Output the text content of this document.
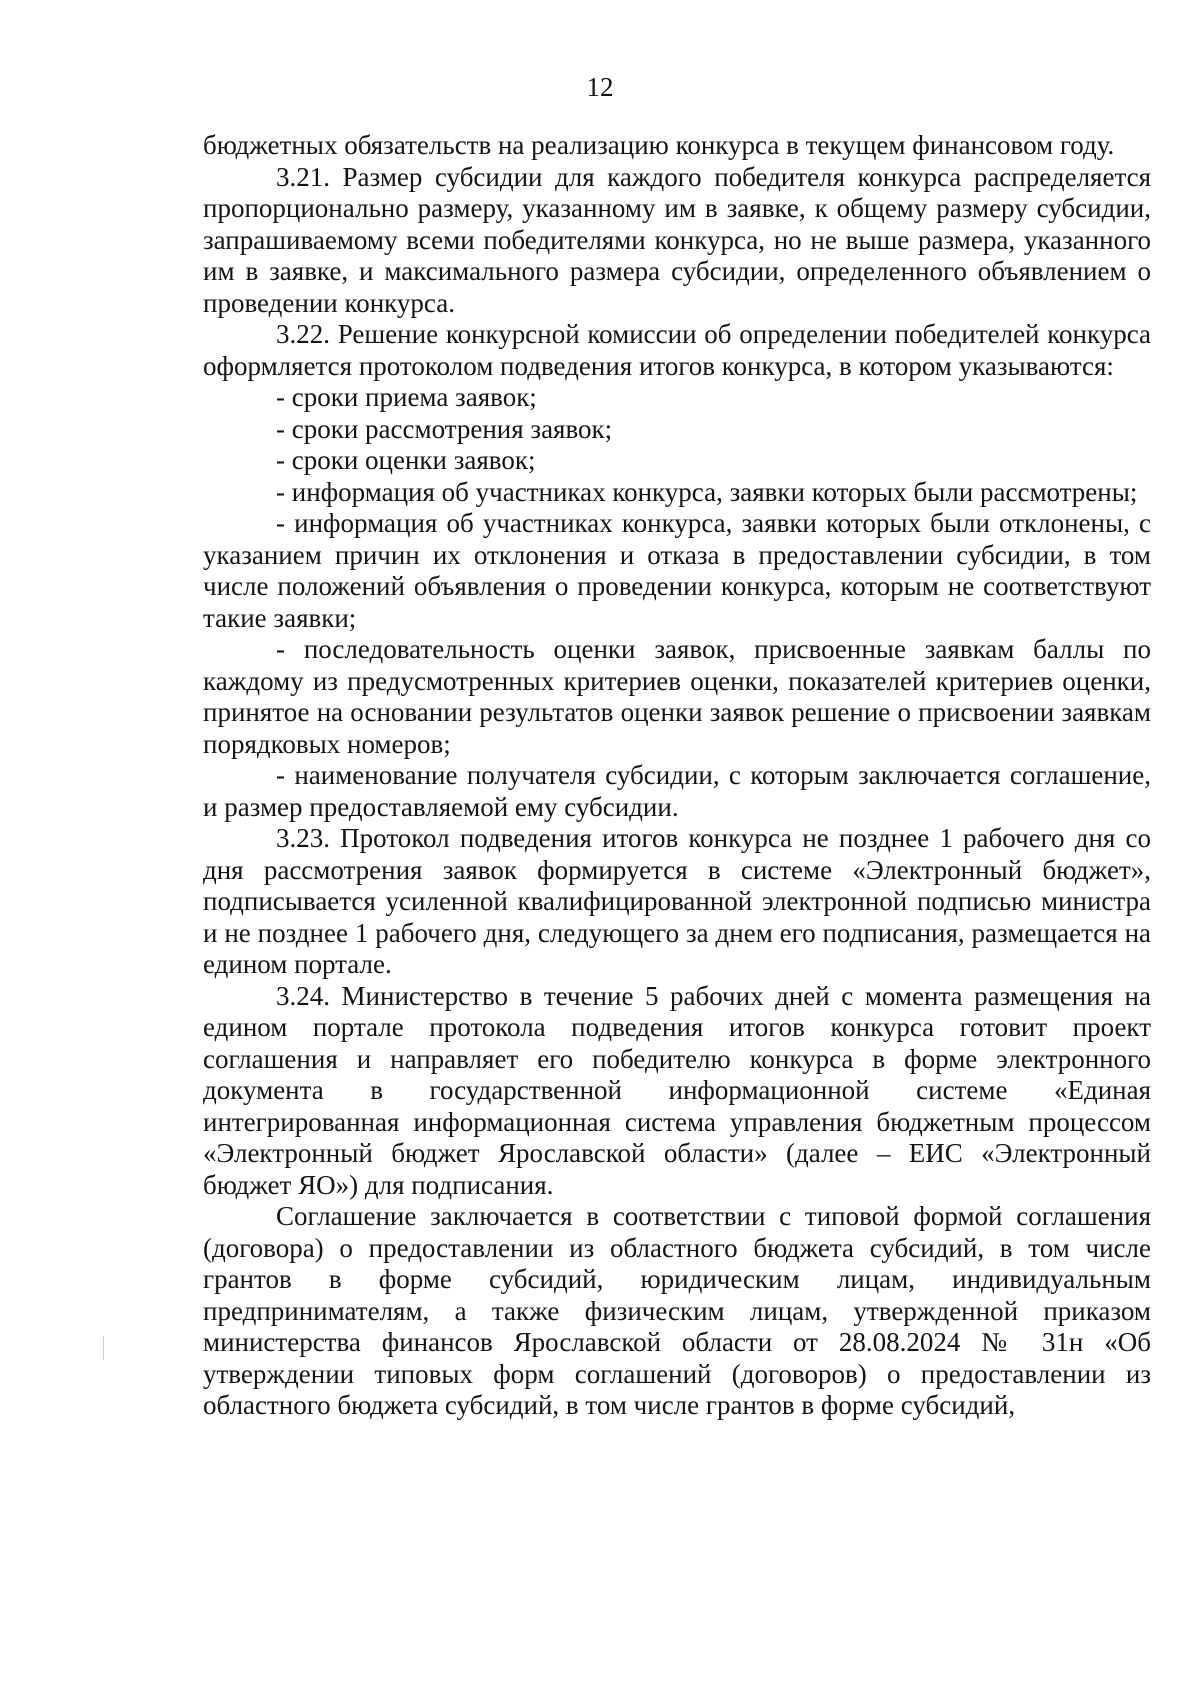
12

бюджетных обязательств на реализацию конкурса в текущем финансовом году.

3.21. Размер субсидии для каждого победителя конкурса распределяется пропорционально размеру, указанному им в заявке, к общему размеру субсидии, запрашиваемому всеми победителями конкурса, но не выше размера, указанного им в заявке, и максимального размера субсидии, определенного объявлением о проведении конкурса.

3.22. Решение конкурсной комиссии об определении победителей конкурса оформляется протоколом подведения итогов конкурса, в котором указываются:

- сроки приема заявок;

- сроки рассмотрения заявок;

- сроки оценки заявок;

- информация об участниках конкурса, заявки которых были рассмотрены;

- информация об участниках конкурса, заявки которых были отклонены, с указанием причин их отклонения и отказа в предоставлении субсидии, в том числе положений объявления о проведении конкурса, которым не соответствуют такие заявки;

- последовательность оценки заявок, присвоенные заявкам баллы по каждому из предусмотренных критериев оценки, показателей критериев оценки, принятое на основании результатов оценки заявок решение о присвоении заявкам порядковых номеров;

- наименование получателя субсидии, с которым заключается соглашение, и размер предоставляемой ему субсидии.

3.23. Протокол подведения итогов конкурса не позднее 1 рабочего дня со дня рассмотрения заявок формируется в системе «Электронный бюджет», подписывается усиленной квалифицированной электронной подписью министра и не позднее 1 рабочего дня, следующего за днем его подписания, размещается на едином портале.

3.24. Министерство в течение 5 рабочих дней с момента размещения на едином портале протокола подведения итогов конкурса готовит проект соглашения и направляет его победителю конкурса в форме электронного документа в государственной информационной системе «Единая интегрированная информационная система управления бюджетным процессом «Электронный бюджет Ярославской области» (далее – ЕИС «Электронный бюджет ЯО») для подписания.

Соглашение заключается в соответствии с типовой формой соглашения (договора) о предоставлении из областного бюджета субсидий, в том числе грантов в форме субсидий, юридическим лицам, индивидуальным предпринимателям, а также физическим лицам, утвержденной приказом министерства финансов Ярославской области от 28.08.2024 № 31н «Об утверждении типовых форм соглашений (договоров) о предоставлении из областного бюджета субсидий, в том числе грантов в форме субсидий,
